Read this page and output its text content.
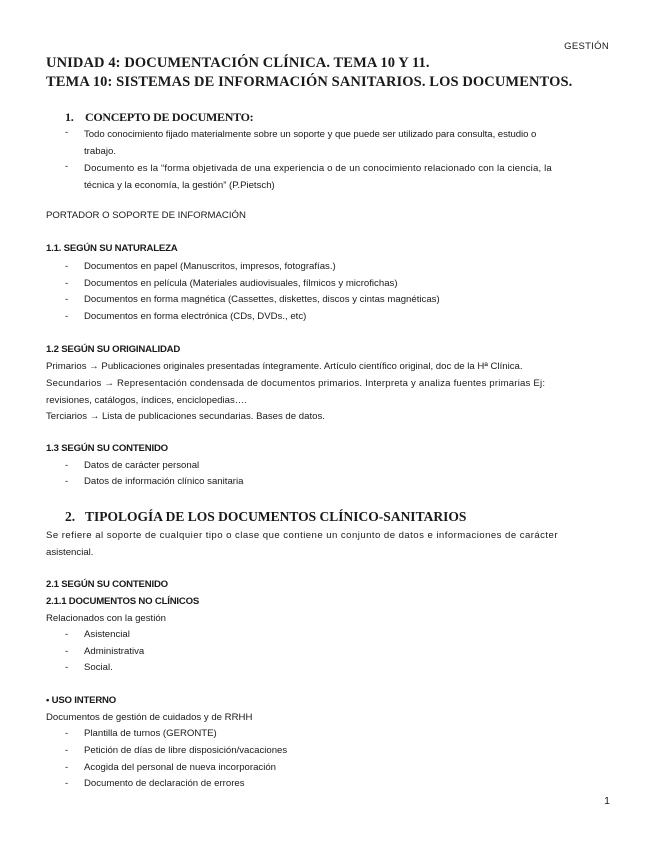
GESTIÓN
UNIDAD 4: DOCUMENTACIÓN CLÍNICA. TEMA 10 Y 11.
TEMA 10: SISTEMAS DE INFORMACIÓN SANITARIOS. LOS DOCUMENTOS.
1. CONCEPTO DE DOCUMENTO:
- Todo conocimiento fijado materialmente sobre un soporte y que puede ser utilizado para consulta, estudio o
trabajo.
- Documento es la “forma objetivada de una experiencia o de un conocimiento relacionado con la ciencia, la
técnica y la economía, la gestión” (P.Pietsch)
PORTADOR O SOPORTE DE INFORMACIÓN
1.1. SEGÚN SU NATURALEZA
- Documentos en papel (Manuscritos, impresos, fotografías.)
- Documentos en película (Materiales audiovisuales, fílmicos y microfichas)
- Documentos en forma magnética (Cassettes, diskettes, discos y cintas magnéticas)
- Documentos en forma electrónica (CDs, DVDs., etc)
1.2 SEGÚN SU ORIGINALIDAD
Primarios → Publicaciones originales presentadas íntegramente. Artículo científico original, doc de la Hª Clínica.
Secundarios → Representación condensada de documentos primarios. Interpreta y analiza fuentes primarias Ej:
revisiones, catálogos, índices, enciclopedias….
Terciarios → Lista de publicaciones secundarias. Bases de datos.
1.3 SEGÚN SU CONTENIDO
- Datos de carácter personal
- Datos de información clínico sanitaria
2. TIPOLOGÍA DE LOS DOCUMENTOS CLÍNICO-SANITARIOS
Se refiere al soporte de cualquier tipo o clase que contiene un conjunto de datos e informaciones de carácter
asistencial.
2.1 SEGÚN SU CONTENIDO
2.1.1 DOCUMENTOS NO CLÍNICOS
Relacionados con la gestión
- Asistencial
- Administrativa
- Social.
• USO INTERNO
Documentos de gestión de cuidados y de RRHH
- Plantilla de turnos (GERONTE)
- Petición de días de libre disposición/vacaciones
- Acogida del personal de nueva incorporación
- Documento de declaración de errores
1
